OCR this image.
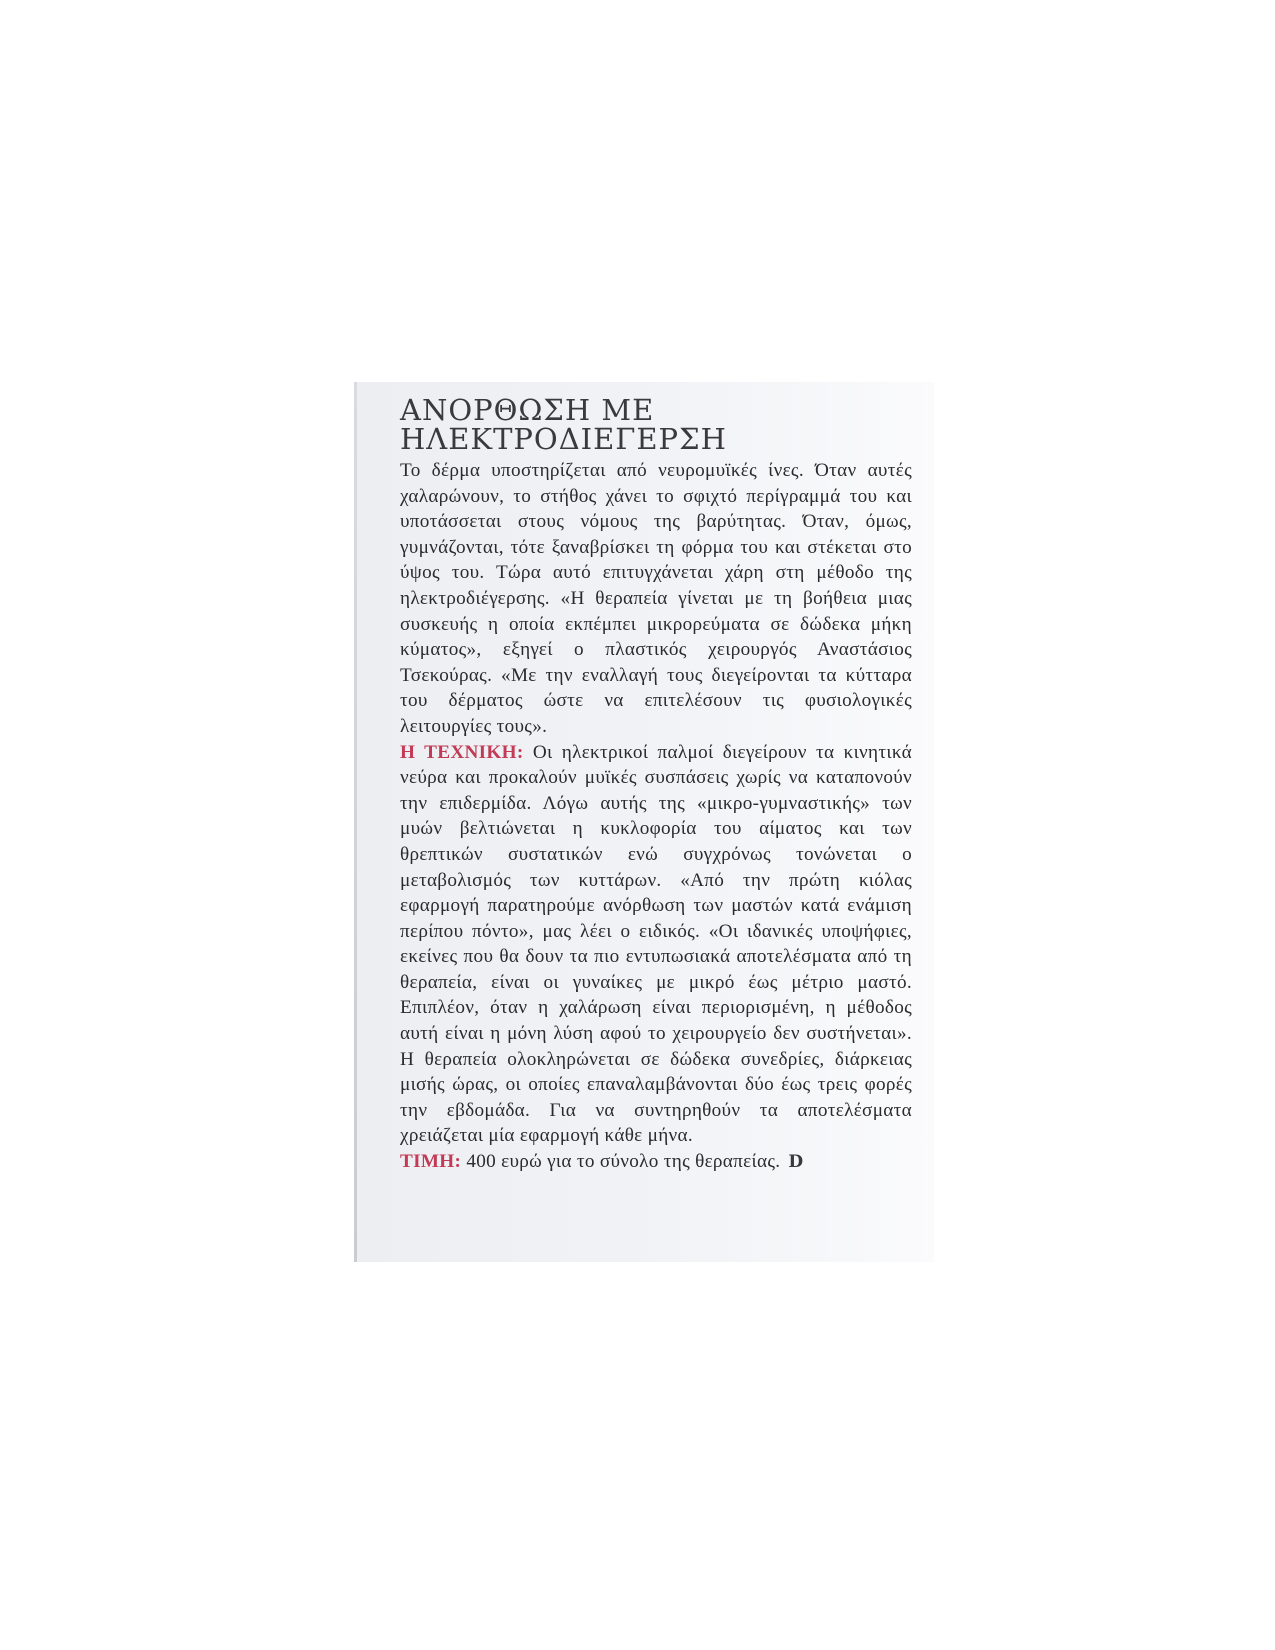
ΑΝΟΡΘΩΣΗ ΜΕ
ΗΛΕΚΤΡΟΔΙΕΓΕΡΣΗ
Το δέρμα υποστηρίζεται από νευρομυϊκές ίνες. Όταν αυτές χαλαρώνουν, το στήθος χάνει το σφιχτό περίγραμμά του και υποτάσσεται στους νόμους της βαρύτητας. Όταν, όμως, γυμνάζονται, τότε ξαναβρίσκει τη φόρμα του και στέκεται στο ύψος του. Τώρα αυτό επιτυγχάνεται χάρη στη μέθοδο της ηλεκτροδιέγερσης. «Η θεραπεία γίνεται με τη βοήθεια μιας συσκευής η οποία εκπέμπει μικρορεύματα σε δώδεκα μήκη κύματος», εξηγεί ο πλαστικός χειρουργός Αναστάσιος Τσεκούρας. «Με την εναλλαγή τους διεγείρονται τα κύτταρα του δέρματος ώστε να επιτελέσουν τις φυσιολογικές λειτουργίες τους».
Η ΤΕΧΝΙΚΗ: Οι ηλεκτρικοί παλμοί διεγείρουν τα κινητικά νεύρα και προκαλούν μυϊκές συσπάσεις χωρίς να καταπονούν την επιδερμίδα. Λόγω αυτής της «μικρο-γυμναστικής» των μυών βελτιώνεται η κυκλοφορία του αίματος και των θρεπτικών συστατικών ενώ συγχρόνως τονώνεται ο μεταβολισμός των κυττάρων. «Από την πρώτη κιόλας εφαρμογή παρατηρούμε ανόρθωση των μαστών κατά ενάμιση περίπου πόντο», μας λέει ο ειδικός. «Οι ιδανικές υποψήφιες, εκείνες που θα δουν τα πιο εντυπωσιακά αποτελέσματα από τη θεραπεία, είναι οι γυναίκες με μικρό έως μέτριο μαστό. Επιπλέον, όταν η χαλάρωση είναι περιορισμένη, η μέθοδος αυτή είναι η μόνη λύση αφού το χειρουργείο δεν συστήνεται». Η θεραπεία ολοκληρώνεται σε δώδεκα συνεδρίες, διάρκειας μισής ώρας, οι οποίες επαναλαμβάνονται δύο έως τρεις φορές την εβδομάδα. Για να συντηρηθούν τα αποτελέσματα χρειάζεται μία εφαρμογή κάθε μήνα.
ΤΙΜΗ: 400 ευρώ για το σύνολο της θεραπείας. D
